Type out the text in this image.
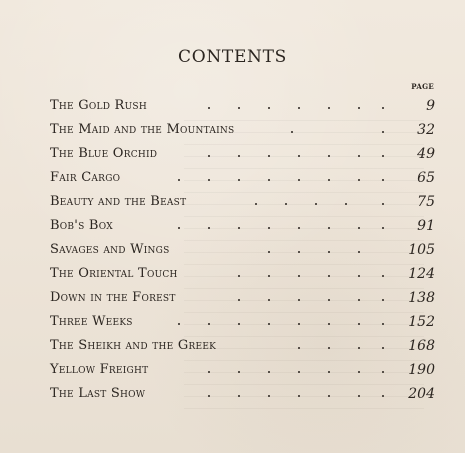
CONTENTS
PAGE
The Gold Rush	9
The Maid and the Mountains	32
The Blue Orchid	49
Fair Cargo	65
Beauty and the Beast	75
Bob's Box	91
Savages and Wings	105
The Oriental Touch	124
Down in the Forest	138
Three Weeks	152
The Sheikh and the Greek	168
Yellow Freight	190
The Last Show	204
